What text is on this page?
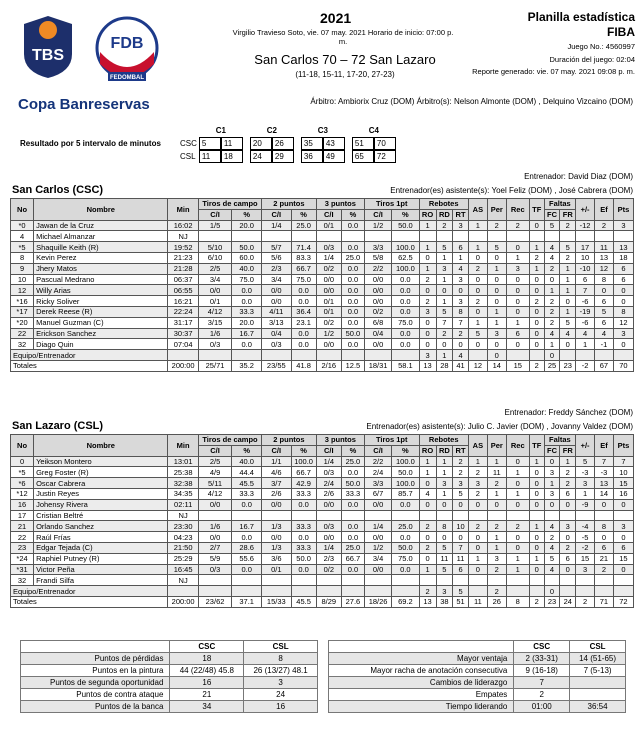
TBS
FDB
FEDOMBAL
Copa Banreservas
2021
Virgilio Travieso Soto, vie. 07 may. 2021 Horario de inicio: 07:00 p. m.
San Carlos 70 – 72 San Lazaro
(11-18, 15-11, 17-20, 27-23)
Planilla estadística
FIBA
Juego No.: 4560997
Duración del juego: 02:04
Reporte generado: vie. 07 may. 2021 09:08 p. m.
Árbitro: Ambiorix Cruz (DOM) Árbitro(s): Nelson Almonte (DOM) , Delquino Vizcaino (DOM)
Resultado por 5 intervalo de minutos
	C1			C2			C3			C4	
CSC	5	11		20	26		35	43		51	70
CSL	11	18		24	29		36	49		65	72
Entrenador: David Diaz (DOM)
San Carlos (CSC)	Entrenador(es) asistente(s): Yoel Feliz (DOM) , José Cabrera (DOM)
No	Nombre	Min	Tiros de campo		2 puntos		3 puntos		Tiros 1pt		Rebotes			AS	Per	Rec	TF	Faltas		+/-	Ef	Pts
			C/I	%	C/I	%	C/I	%	C/I	%	RO	RD	RT					FC	FR			
*0	Jawan de la Cruz	16:02	1/5	20.0	1/4	25.0	0/1	0.0	1/2	50.0	1	2	3	1	2	2	0	5	2	-12	2	3
4	Michael Almanzar	NJ																				
*5	Shaquille Keith (R)	19:52	5/10	50.0	5/7	71.4	0/3	0.0	3/3	100.0	1	5	6	1	5	0	1	4	5	17	11	13
8	Kevin Perez	21:23	6/10	60.0	5/6	83.3	1/4	25.0	5/8	62.5	0	1	1	0	0	1	2	4	2	10	13	18
9	Jhery Matos	21:28	2/5	40.0	2/3	66.7	0/2	0.0	2/2	100.0	1	3	4	2	1	3	1	2	1	-10	12	6
10	Pascual Medrano	06:37	3/4	75.0	3/4	75.0	0/0	0.0	0/0	0.0	2	1	3	0	0	0	0	0	1	6	8	6
12	Willy Arias	06:55	0/0	0.0	0/0	0.0	0/0	0.0	0/0	0.0	0	0	0	0	0	0	0	1	1	7	0	0
*16	Ricky Soliver	16:21	0/1	0.0	0/0	0.0	0/1	0.0	0/0	0.0	2	1	3	2	0	0	2	2	0	-6	6	0
*17	Derek Reese (R)	22:24	4/12	33.3	4/11	36.4	0/1	0.0	0/2	0.0	3	5	8	0	1	0	0	2	1	-19	5	8
*20	Manuel Guzman (C)	31:17	3/15	20.0	3/13	23.1	0/2	0.0	6/8	75.0	0	7	7	1	1	1	0	2	5	-6	6	12
22	Erickson Sanchez	30:37	1/6	16.7	0/4	0.0	1/2	50.0	0/4	0.0	0	2	2	5	3	6	0	4	4	4	4	3
32	Diago Quin	07:04	0/3	0.0	0/3	0.0	0/0	0.0	0/0	0.0	0	0	0	0	0	0	0	1	0	1	-1	0
Equipo/Entrenador											3	1	4		0			0				
Totales		200:00	25/71	35.2	23/55	41.8	2/16	12.5	18/31	58.1	13	28	41	12	14	15	2	25	23	-2	67	70
Entrenador: Freddy Sánchez (DOM)
San Lazaro (CSL)	Entrenador(es) asistente(s): Julio C. Javier (DOM) , Jovanny Valdez (DOM)
No	Nombre	Min	Tiros de campo		2 puntos		3 puntos		Tiros 1pt		Rebotes			AS	Per	Rec	TF	Faltas		+/-	Ef	Pts
			C/I	%	C/I	%	C/I	%	C/I	%	RO	RD	RT					FC	FR			
0	Yeikson Montero	13:01	2/5	40.0	1/1	100.0	1/4	25.0	2/2	100.0	1	1	2	1	1	0	1	0	1	5	7	7
*5	Greg Foster (R)	25:38	4/9	44.4	4/6	66.7	0/3	0.0	2/4	50.0	1	1	2	2	11	1	0	3	2	-3	-3	10
*6	Oscar Cabrera	32:38	5/11	45.5	3/7	42.9	2/4	50.0	3/3	100.0	0	3	3	3	2	0	0	1	2	3	13	15
*12	Justin Reyes	34:35	4/12	33.3	2/6	33.3	2/6	33.3	6/7	85.7	4	1	5	2	1	1	0	3	6	1	14	16
16	Johensy Rivera	02:11	0/0	0.0	0/0	0.0	0/0	0.0	0/0	0.0	0	0	0	0	0	0	0	0	0	-9	0	0
17	Cristian Beltré	NJ																				
21	Orlando Sanchez	23:30	1/6	16.7	1/3	33.3	0/3	0.0	1/4	25.0	2	8	10	2	2	2	1	4	3	-4	8	3
22	Raúl Frías	04:23	0/0	0.0	0/0	0.0	0/0	0.0	0/0	0.0	0	0	0	0	1	0	0	2	0	-5	0	0
23	Edgar Tejada (C)	21:50	2/7	28.6	1/3	33.3	1/4	25.0	1/2	50.0	2	5	7	0	1	0	0	4	2	-2	6	6
*24	Raphiel Putney (R)	25:29	5/9	55.6	3/6	50.0	2/3	66.7	3/4	75.0	0	11	11	1	3	1	1	5	6	15	21	15
*31	Victor Peña	16:45	0/3	0.0	0/1	0.0	0/2	0.0	0/0	0.0	1	5	6	0	2	1	0	4	0	3	2	0
32	Frandi Silfa	NJ																				
Equipo/Entrenador											2	3	5		2			0				
Totales		200:00	23/62	37.1	15/33	45.5	8/29	27.6	18/26	69.2	13	38	51	11	26	8	2	23	24	2	71	72
	CSC	CSL
Puntos de pérdidas	18	8
Puntos en la pintura	44 (22/48) 45.8	26 (13/27) 48.1
Puntos de segunda oportunidad	16	3
Puntos de contra ataque	21	24
Puntos de la banca	34	16
	CSC	CSL
Mayor ventaja	2 (33-31)	14 (51-65)
Mayor racha de anotación consecutiva	9 (16-18)	7 (5-13)
Cambios de liderazgo	7	
Empates	2	
Tiempo liderando	01:00	36:54
